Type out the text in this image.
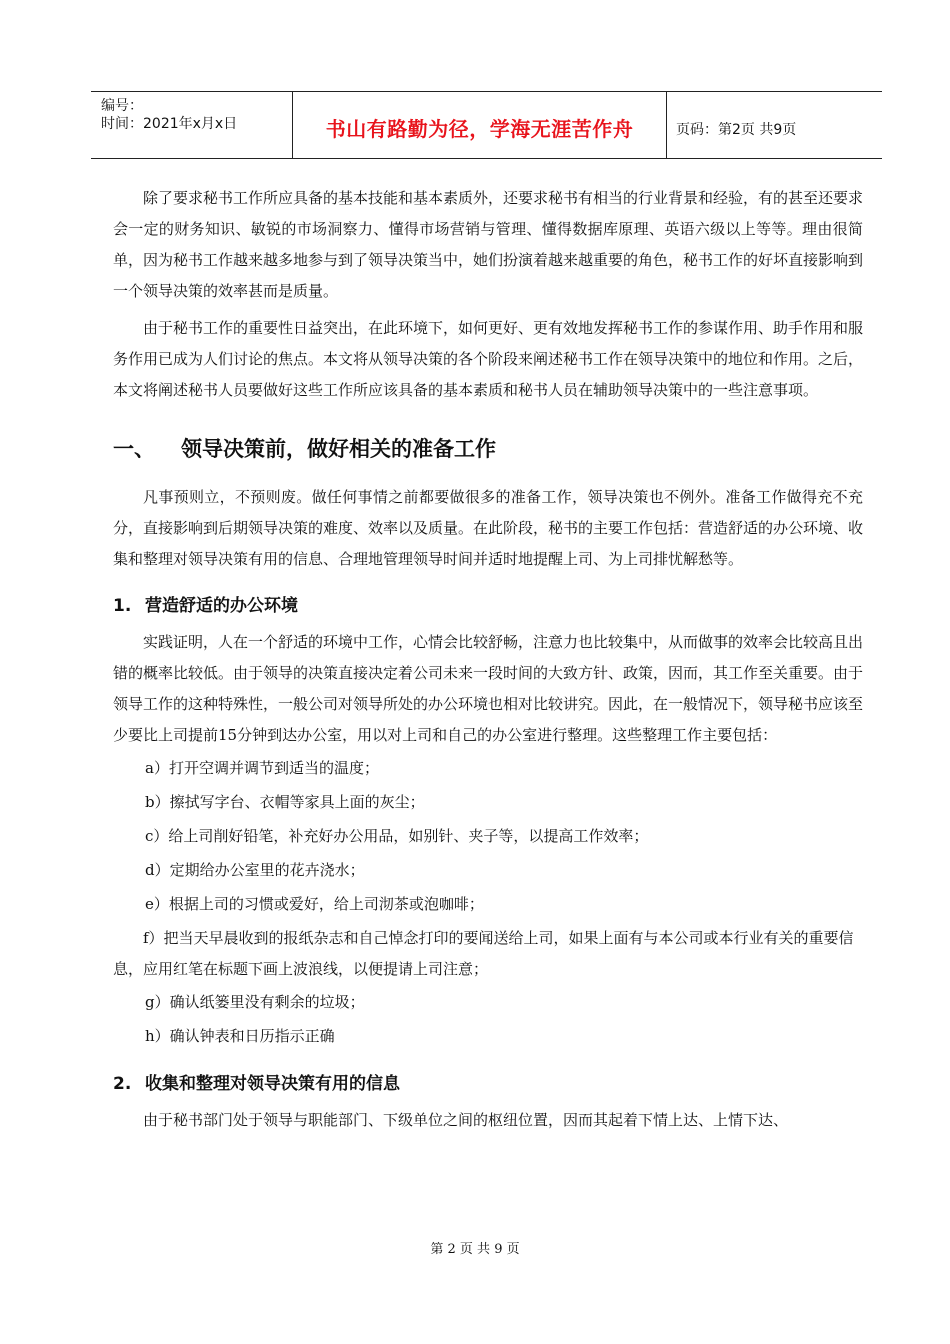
编号：
时间：2021年x月x日	书山有路勤为径，学海无涯苦作舟	页码：第2页 共9页

除了要求秘书工作所应具备的基本技能和基本素质外，还要求秘书有相当的行业背景和经验，有的甚至还要求会一定的财务知识、敏锐的市场洞察力、懂得市场营销与管理、懂得数据库原理、英语六级以上等等。理由很简单，因为秘书工作越来越多地参与到了领导决策当中，她们扮演着越来越重要的角色，秘书工作的好坏直接影响到一个领导决策的效率甚而是质量。

由于秘书工作的重要性日益突出，在此环境下，如何更好、更有效地发挥秘书工作的参谋作用、助手作用和服务作用已成为人们讨论的焦点。本文将从领导决策的各个阶段来阐述秘书工作在领导决策中的地位和作用。之后，本文将阐述秘书人员要做好这些工作所应该具备的基本素质和秘书人员在辅助领导决策中的一些注意事项。

一、 领导决策前，做好相关的准备工作

凡事预则立，不预则废。做任何事情之前都要做很多的准备工作，领导决策也不例外。准备工作做得充不充分，直接影响到后期领导决策的难度、效率以及质量。在此阶段，秘书的主要工作包括：营造舒适的办公环境、收集和整理对领导决策有用的信息、合理地管理领导时间并适时地提醒上司、为上司排忧解愁等。

1. 营造舒适的办公环境

实践证明，人在一个舒适的环境中工作，心情会比较舒畅，注意力也比较集中，从而做事的效率会比较高且出错的概率比较低。由于领导的决策直接决定着公司未来一段时间的大致方针、政策，因而，其工作至关重要。由于领导工作的这种特殊性，一般公司对领导所处的办公环境也相对比较讲究。因此，在一般情况下，领导秘书应该至少要比上司提前15分钟到达办公室，用以对上司和自己的办公室进行整理。这些整理工作主要包括：

a）打开空调并调节到适当的温度；
b）擦拭写字台、衣帽等家具上面的灰尘；
c）给上司削好铅笔，补充好办公用品，如别针、夹子等，以提高工作效率；
d）定期给办公室里的花卉浇水；
e）根据上司的习惯或爱好，给上司沏茶或泡咖啡；
f）把当天早晨收到的报纸杂志和自己悼念打印的要闻送给上司，如果上面有与本公司或本行业有关的重要信息，应用红笔在标题下画上波浪线，以便提请上司注意；
g）确认纸篓里没有剩余的垃圾；
h）确认钟表和日历指示正确
2. 收集和整理对领导决策有用的信息

由于秘书部门处于领导与职能部门、下级单位之间的枢纽位置，因而其起着下情上达、上情下达、

第 2 页 共 9 页
